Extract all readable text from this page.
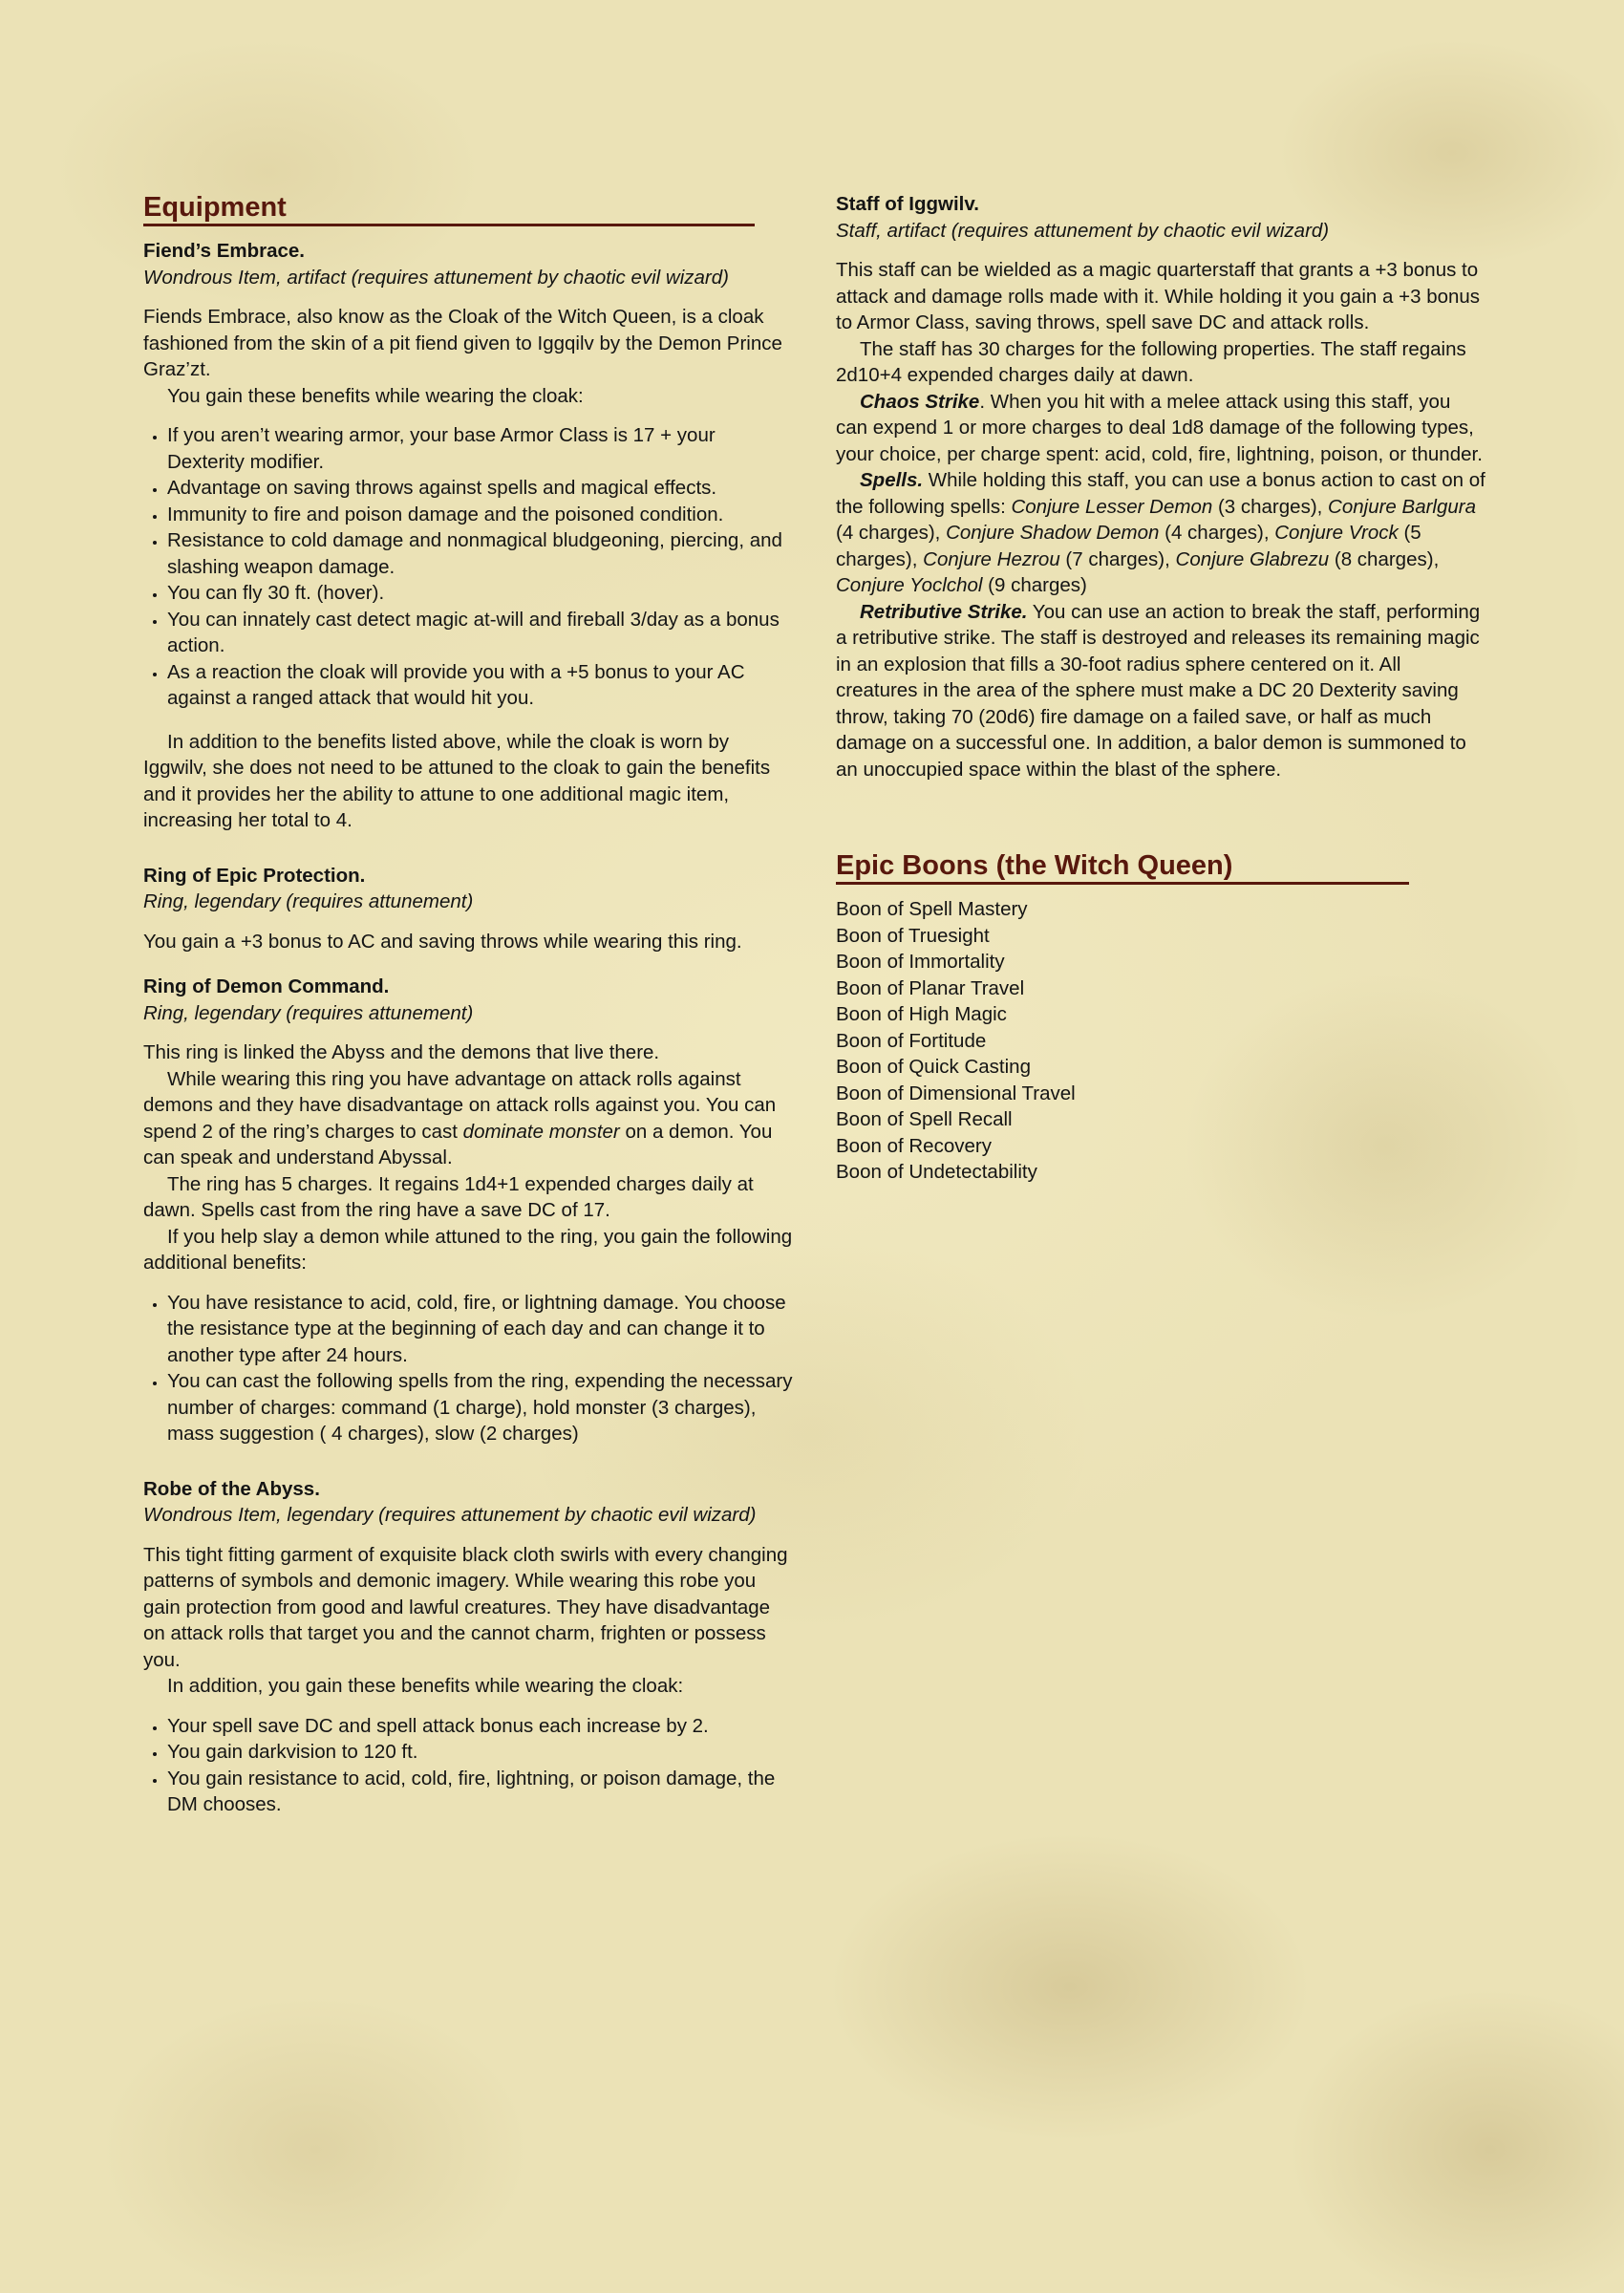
Equipment

Fiend’s Embrace.

Wondrous Item, artifact (requires attunement by chaotic evil wizard)

Fiends Embrace, also know as the Cloak of the Witch Queen, is a cloak fashioned from the skin of a pit fiend given to Iggqilv by the Demon Prince Graz’zt.

You gain these benefits while wearing the cloak:

• If you aren’t wearing armor, your base Armor Class is 17 + your Dexterity modifier.
• Advantage on saving throws against spells and magical effects.
• Immunity to fire and poison damage and the poisoned condition.
• Resistance to cold damage and nonmagical bludgeoning, piercing, and slashing weapon damage.
• You can fly 30 ft. (hover).
• You can innately cast detect magic at-will and fireball 3/day as a bonus action.
• As a reaction the cloak will provide you with a +5 bonus to your AC against a ranged attack that would hit you.

In addition to the benefits listed above, while the cloak is worn by Iggwilv, she does not need to be attuned to the cloak to gain the benefits and it provides her the ability to attune to one additional magic item, increasing her total to 4.

Ring of Epic Protection.

Ring, legendary (requires attunement)

You gain a +3 bonus to AC and saving throws while wearing this ring.

Ring of Demon Command.

Ring, legendary (requires attunement)

This ring is linked the Abyss and the demons that live there.

While wearing this ring you have advantage on attack rolls against demons and they have disadvantage on attack rolls against you. You can spend 2 of the ring’s charges to cast dominate monster on a demon. You can speak and understand Abyssal.

The ring has 5 charges. It regains 1d4+1 expended charges daily at dawn. Spells cast from the ring have a save DC of 17.

If you help slay a demon while attuned to the ring, you gain the following additional benefits:

• You have resistance to acid, cold, fire, or lightning damage. You choose the resistance type at the beginning of each day and can change it to another type after 24 hours.
• You can cast the following spells from the ring, expending the necessary number of charges: command (1 charge), hold monster (3 charges), mass suggestion ( 4 charges), slow (2 charges)

Robe of the Abyss.

Wondrous Item, legendary (requires attunement by chaotic evil wizard)

This tight fitting garment of exquisite black cloth swirls with every changing patterns of symbols and demonic imagery. While wearing this robe you gain protection from good and lawful creatures. They have disadvantage on attack rolls that target you and the cannot charm, frighten or possess you.

In addition, you gain these benefits while wearing the cloak:

• Your spell save DC and spell attack bonus each increase by 2.
• You gain darkvision to 120 ft.
• You gain resistance to acid, cold, fire, lightning, or poison damage, the DM chooses.

Staff of Iggwilv.

Staff, artifact (requires attunement by chaotic evil wizard)

This staff can be wielded as a magic quarterstaff that grants a +3 bonus to attack and damage rolls made with it. While holding it you gain a +3 bonus to Armor Class, saving throws, spell save DC and attack rolls.

The staff has 30 charges for the following properties. The staff regains 2d10+4 expended charges daily at dawn.

Chaos Strike. When you hit with a melee attack using this staff, you can expend 1 or more charges to deal 1d8 damage of the following types, your choice, per charge spent: acid, cold, fire, lightning, poison, or thunder.

Spells. While holding this staff, you can use a bonus action to cast on of the following spells: Conjure Lesser Demon (3 charges), Conjure Barlgura (4 charges), Conjure Shadow Demon (4 charges), Conjure Vrock (5 charges), Conjure Hezrou (7 charges), Conjure Glabrezu (8 charges), Conjure Yoclchol (9 charges)

Retributive Strike. You can use an action to break the staff, performing a retributive strike. The staff is destroyed and releases its remaining magic in an explosion that fills a 30-foot radius sphere centered on it. All creatures in the area of the sphere must make a DC 20 Dexterity saving throw, taking 70 (20d6) fire damage on a failed save, or half as much damage on a successful one. In addition, a balor demon is summoned to an unoccupied space within the blast of the sphere.

Epic Boons (the Witch Queen)
Boon of Spell Mastery
Boon of Truesight
Boon of Immortality
Boon of Planar Travel
Boon of High Magic
Boon of Fortitude
Boon of Quick Casting
Boon of Dimensional Travel
Boon of Spell Recall
Boon of Recovery
Boon of Undetectability
